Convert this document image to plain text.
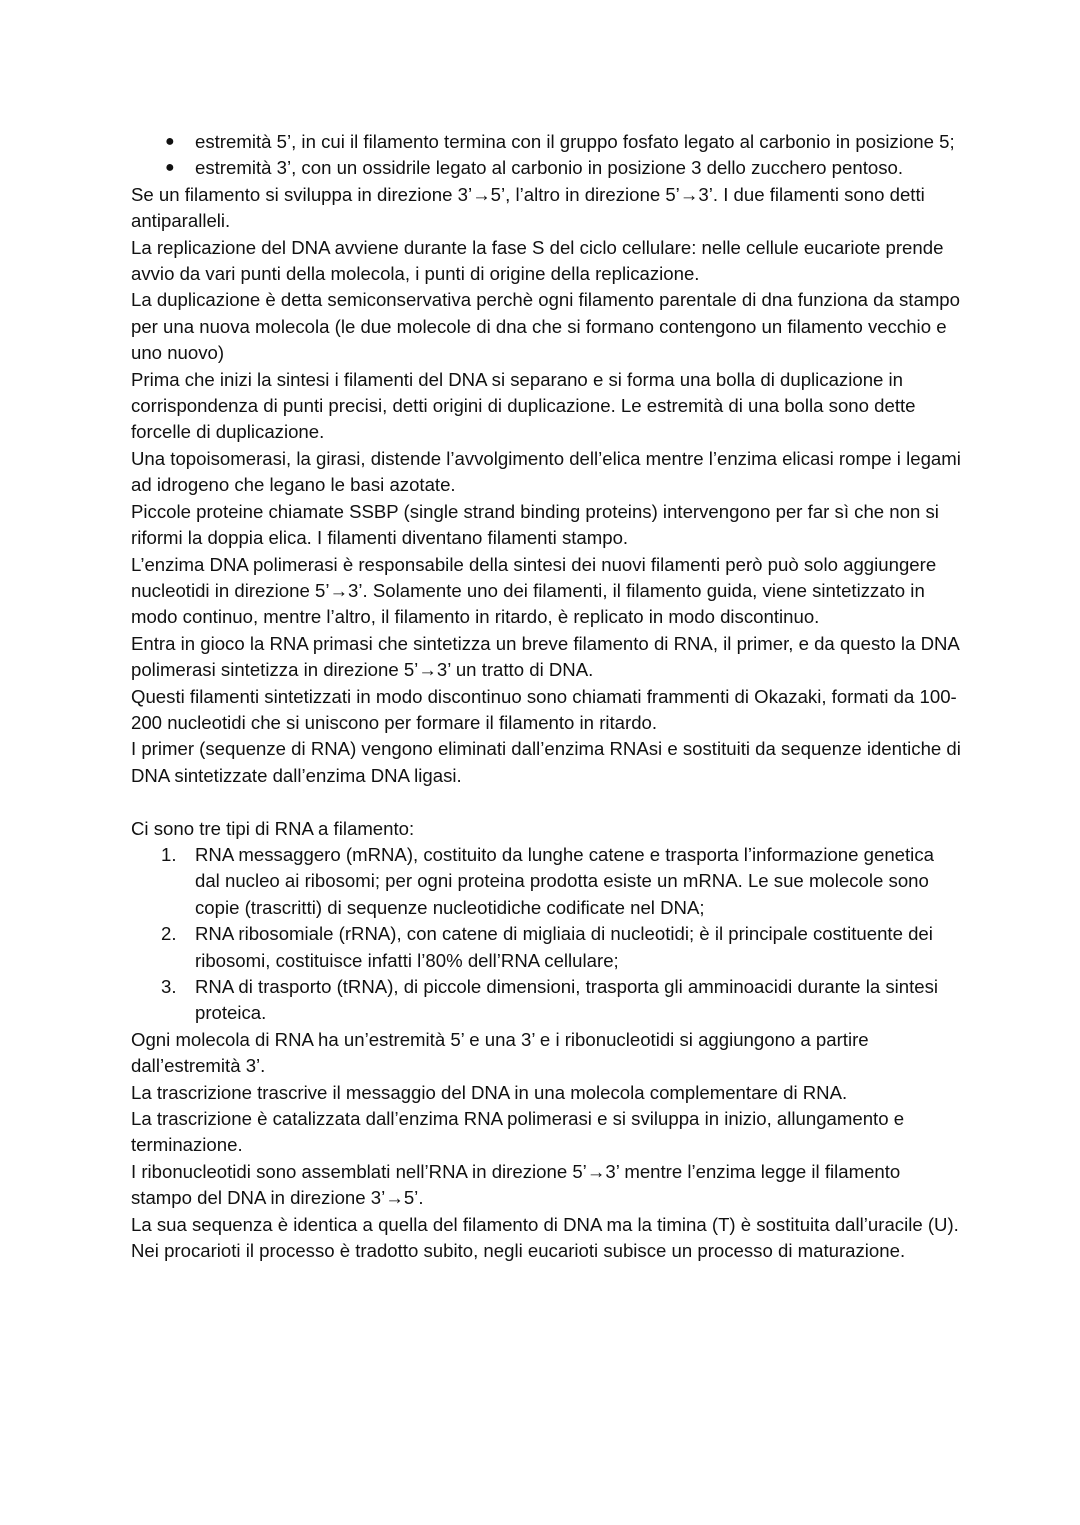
● estremità 5’, in cui il filamento termina con il gruppo fosfato legato al carbonio in posizione 5;
● estremità 3’, con un ossidrile legato al carbonio in posizione 3 dello zucchero pentoso.

Se un filamento si sviluppa in direzione 3’→5’, l’altro in direzione 5’→3’. I due filamenti sono detti antiparalleli.

La replicazione del DNA avviene durante la fase S del ciclo cellulare: nelle cellule eucariote prende avvio da vari punti della molecola, i punti di origine della replicazione.

La duplicazione è detta semiconservativa perchè ogni filamento parentale di dna funziona da stampo per una nuova molecola (le due molecole di dna che si formano contengono un filamento vecchio e uno nuovo)

Prima che inizi la sintesi i filamenti del DNA si separano e si forma una bolla di duplicazione in corrispondenza di punti precisi, detti origini di duplicazione. Le estremità di una bolla sono dette forcelle di duplicazione.

Una topoisomerasi, la girasi, distende l’avvolgimento dell’elica mentre l’enzima elicasi rompe i legami ad idrogeno che legano le basi azotate.

Piccole proteine chiamate SSBP (single strand binding proteins) intervengono per far sì che non si riformi la doppia elica. I filamenti diventano filamenti stampo.

L’enzima DNA polimerasi è responsabile della sintesi dei nuovi filamenti però può solo aggiungere nucleotidi in direzione 5’→3’. Solamente uno dei filamenti, il filamento guida, viene sintetizzato in modo continuo, mentre l’altro, il filamento in ritardo, è replicato in modo discontinuo.

Entra in gioco la RNA primasi che sintetizza un breve filamento di RNA, il primer, e da questo la DNA polimerasi sintetizza in direzione 5’→3’ un tratto di DNA.

Questi filamenti sintetizzati in modo discontinuo sono chiamati frammenti di Okazaki, formati da 100-200 nucleotidi che si uniscono per formare il filamento in ritardo.

I primer (sequenze di RNA) vengono eliminati dall’enzima RNAsi e sostituiti da sequenze identiche di DNA sintetizzate dall’enzima DNA ligasi.

Ci sono tre tipi di RNA a filamento:

1. RNA messaggero (mRNA), costituito da lunghe catene e trasporta l’informazione genetica dal nucleo ai ribosomi; per ogni proteina prodotta esiste un mRNA. Le sue molecole sono copie (trascritti) di sequenze nucleotidiche codificate nel DNA;
2. RNA ribosomiale (rRNA), con catene di migliaia di nucleotidi; è il principale costituente dei ribosomi, costituisce infatti l’80% dell’RNA cellulare;
3. RNA di trasporto (tRNA), di piccole dimensioni, trasporta gli amminoacidi durante la sintesi proteica.

Ogni molecola di RNA ha un’estremità 5’ e una 3’ e i ribonucleotidi si aggiungono a partire dall’estremità 3’.

La trascrizione trascrive il messaggio del DNA in una molecola complementare di RNA.

La trascrizione è catalizzata dall’enzima RNA polimerasi e si sviluppa in inizio, allungamento e terminazione.

I ribonucleotidi sono assemblati nell’RNA in direzione 5’→3’ mentre l’enzima legge il filamento stampo del DNA in direzione 3’→5’.

La sua sequenza è identica a quella del filamento di DNA ma la timina (T) è sostituita dall’uracile (U).

Nei procarioti il processo è tradotto subito, negli eucarioti subisce un processo di maturazione.
